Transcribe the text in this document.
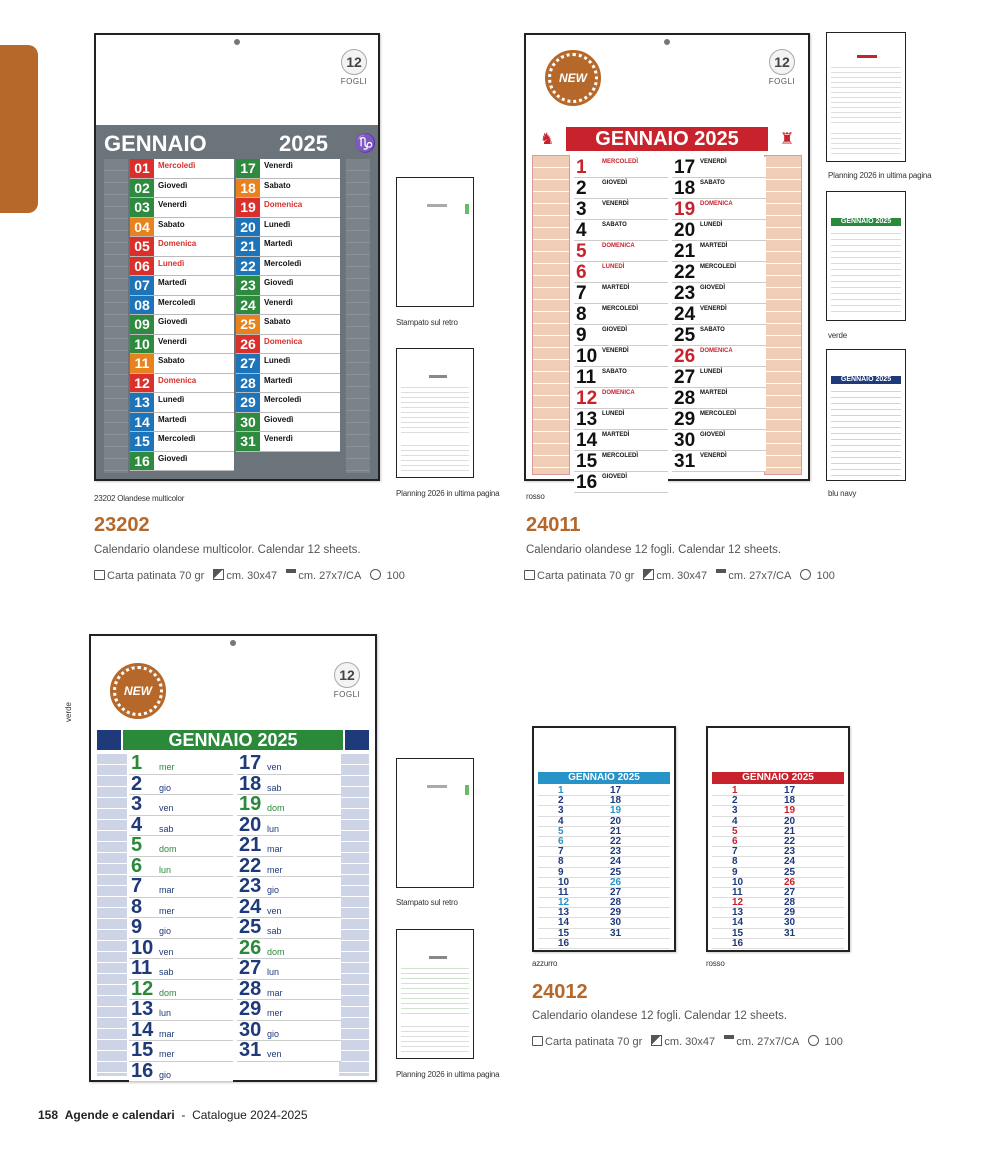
12
FOGLI
GENNAIO	2025 ♑
01	Mercoledì
02	Giovedì
03	Venerdì
04	Sabato
05	Domenica
06	Lunedì
07	Martedì
08	Mercoledì
09	Giovedì
10	Venerdì
11	Sabato
12	Domenica
13	Lunedì
14	Martedì
15	Mercoledì
16	Giovedì
17	Venerdì
18	Sabato
19	Domenica
20	Lunedì
21	Martedì
22	Mercoledì
23	Giovedì
24	Venerdì
25	Sabato
26	Domenica
27	Lunedì
28	Martedì
29	Mercoledì
30	Giovedì
31	Venerdì
23202 Olandese multicolor
Stampato sul retro
Planning 2026 in ultima pagina
23202
Calendario olandese multicolor. Calendar 12 sheets.
Carta patinata 70 gr cm. 30x47 cm. 27x7/CA 100
NEW
12
FOGLI
GENNAIO 2025
♞	♜
1	MERCOLEDÌ
2	GIOVEDÌ
3	VENERDÌ
4	SABATO
5	DOMENICA
6	LUNEDÌ
7	MARTEDÌ
8	MERCOLEDÌ
9	GIOVEDÌ
10 VENERDÌ
11 SABATO
12 DOMENICA
13 LUNEDÌ
14 MARTEDÌ
15 MERCOLEDÌ
16 GIOVEDÌ
17 VENERDÌ
18 SABATO
19 DOMENICA
20 LUNEDÌ
21 MARTEDÌ
22 MERCOLEDÌ
23 GIOVEDÌ
24 VENERDÌ
25 SABATO
26 DOMENICA
27 LUNEDÌ
28 MARTEDÌ
29 MERCOLEDÌ
30 GIOVEDÌ
31 VENERDÌ
rosso
Planning 2026 in ultima pagina
GENNAIO 2025
verde
GENNAIO 2025
blu navy
24011
Calendario olandese 12 fogli. Calendar 12 sheets.
Carta patinata 70 gr cm. 30x47 cm. 27x7/CA 100
verde
NEW
12
FOGLI
GENNAIO 2025
1 mer
2 gio
3 ven
4 sab
5 dom
6 lun
7 mar
8 mer
9 gio
10 ven
11 sab
12 dom
13 lun
14 mar
15 mer
16 gio
17 ven
18 sab
19 dom
20 lun
21 mar
22 mer
23 gio
24 ven
25 sab
26 dom
27 lun
28 mar
29 mer
30 gio
31 ven
Stampato sul retro
Planning 2026 in ultima pagina
GENNAIO 2025
1	17
2	18
3	19
4	20
5	21
6	22
7	23
8	24
9	25
10	26
11	27
12	28
13	29
14	30
15	31
16
azzurro
GENNAIO 2025
1	17
2	18
3	19
4	20
5	21
6	22
7	23
8	24
9	25
10	26
11	27
12	28
13	29
14	30
15	31
16
rosso
24012
Calendario olandese 12 fogli. Calendar 12 sheets.
Carta patinata 70 gr cm. 30x47 cm. 27x7/CA 100
158 Agende e calendari - Catalogue 2024-2025
